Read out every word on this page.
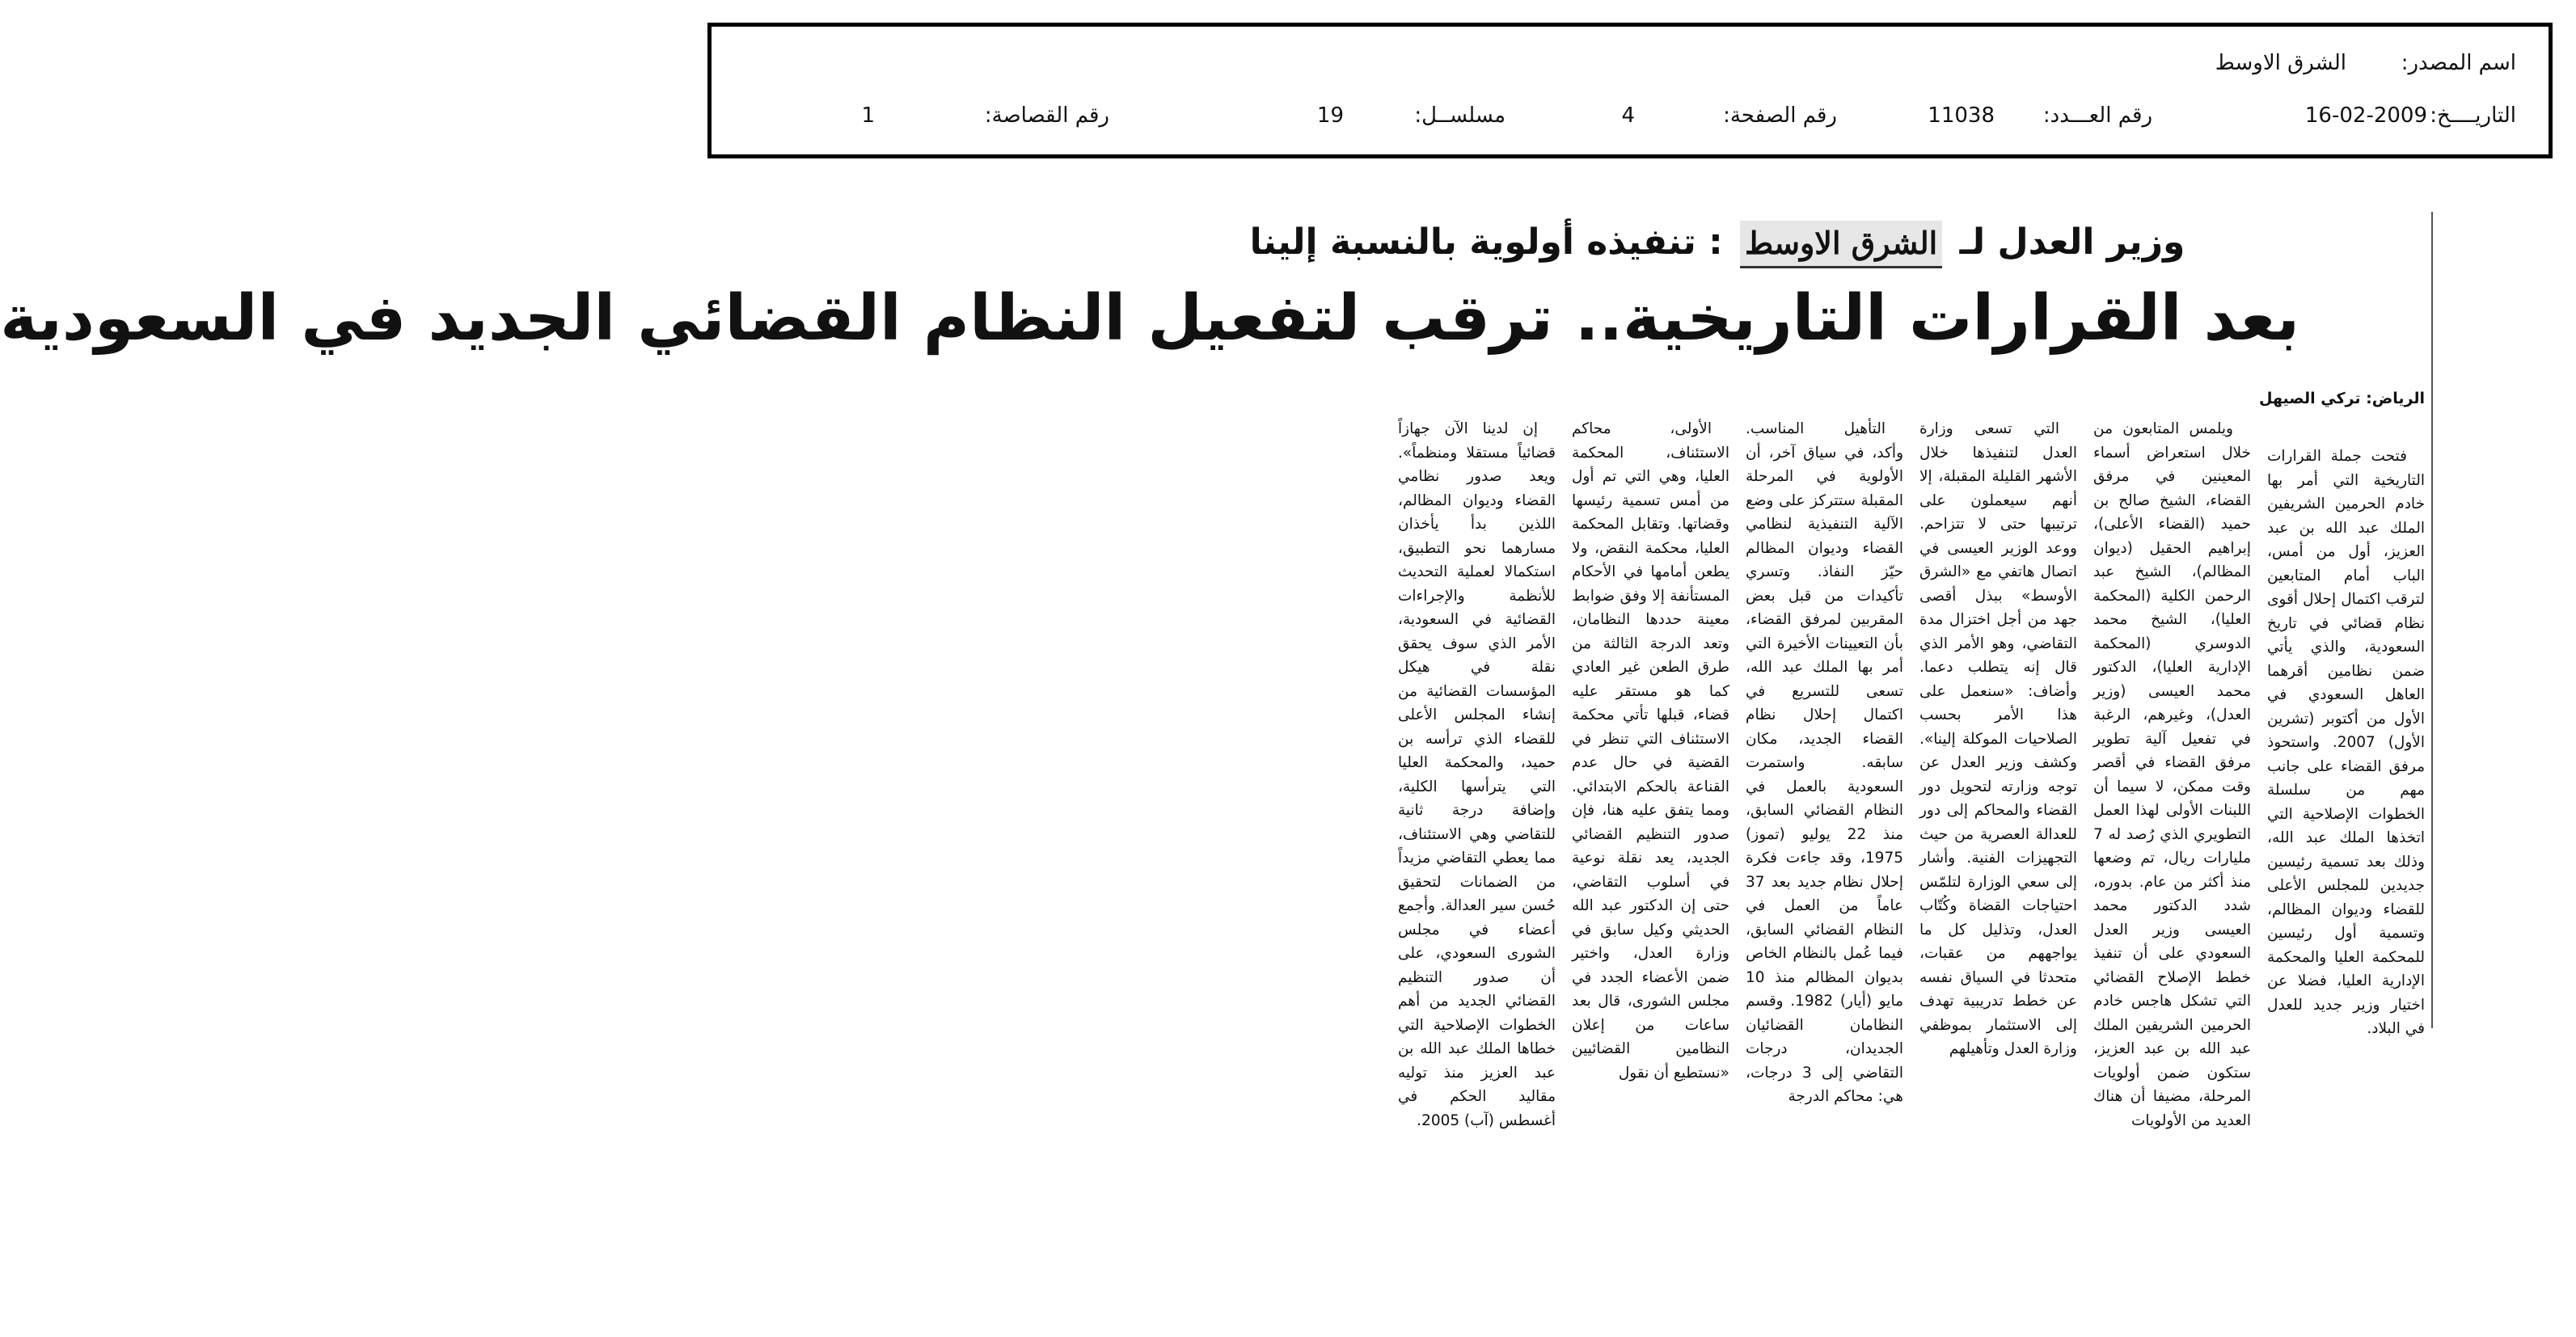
اسم المصدر:
الشرق الاوسط
التاريــــخ:
16-02-2009
رقم العـــدد:
11038
رقم الصفحة:
4
مسلســل:
19
رقم القصاصة:
1
وزير العدل لـ الشرق الاوسط : تنفيذه أولوية بالنسبة إلينا
بعد القرارات التاريخية.. ترقب لتفعيل النظام القضائي الجديد في السعودية
الرياض: تركي الصيهل

فتحت جملة القرارات التاريخية التي أمر بها خادم الحرمين الشريفين الملك عبد الله بن عبد العزيز، أول من أمس، الباب أمام المتابعين لترقب اكتمال إحلال أقوى نظام قضائي في تاريخ السعودية، والذي يأتي ضمن نظامين أقرهما العاهل السعودي في الأول من أكتوبر (تشرين الأول) 2007. واستحوذ مرفق القضاء على جانب مهم من سلسلة الخطوات الإصلاحية التي اتخذها الملك عبد الله، وذلك بعد تسمية رئيسين جديدين للمجلس الأعلى للقضاء وديوان المظالم، وتسمية أول رئيسين للمحكمة العليا والمحكمة الإدارية العليا، فضلا عن اختيار وزير جديد للعدل في البلاد.

ويلمس المتابعون من خلال استعراض أسماء المعينين في مرفق القضاء، الشيخ صالح بن حميد (القضاء الأعلى)، إبراهيم الحقيل (ديوان المظالم)، الشيخ عبد الرحمن الكلية (المحكمة العليا)، الشيخ محمد الدوسري (المحكمة الإدارية العليا)، الدكتور محمد العيسى (وزير العدل)، وغيرهم، الرغبة في تفعيل آلية تطوير مرفق القضاء في أقصر وقت ممكن، لا سيما أن اللبنات الأولى لهذا العمل التطويري الذي رُصد له 7 مليارات ريال، تم وضعها منذ أكثر من عام. بدوره، شدد الدكتور محمد العيسى وزير العدل السعودي على أن تنفيذ خطط الإصلاح القضائي التي تشكل هاجس خادم الحرمين الشريفين الملك عبد الله بن عبد العزيز، ستكون ضمن أولويات المرحلة، مضيفا أن هناك العديد من الأولويات

التي تسعى وزارة العدل لتنفيذها خلال الأشهر القليلة المقبلة، إلا أنهم سيعملون على ترتيبها حتى لا تتزاحم. ووعد الوزير العيسى في اتصال هاتفي مع «الشرق الأوسط» ببذل أقصى جهد من أجل اختزال مدة التقاضي، وهو الأمر الذي قال إنه يتطلب دعما. وأضاف: «سنعمل على هذا الأمر بحسب الصلاحيات الموكلة إلينا». وكشف وزير العدل عن توجه وزارته لتحويل دور القضاء والمحاكم إلى دور للعدالة العصرية من حيث التجهيزات الفنية. وأشار إلى سعي الوزارة لتلمّس احتياجات القضاة وكُتّاب العدل، وتذليل كل ما يواجههم من عقبات، متحدثا في السياق نفسه عن خطط تدريبية تهدف إلى الاستثمار بموظفي وزارة العدل وتأهيلهم

التأهيل المناسب. وأكد، في سياق آخر، أن الأولوية في المرحلة المقبلة ستتركز على وضع الآلية التنفيذية لنظامي القضاء وديوان المظالم حيّز النفاذ. وتسري تأكيدات من قبل بعض المقربين لمرفق القضاء، بأن التعيينات الأخيرة التي أمر بها الملك عبد الله، تسعى للتسريع في اكتمال إحلال نظام القضاء الجديد، مكان سابقه. واستمرت السعودية بالعمل في النظام القضائي السابق، منذ 22 يوليو (تموز) 1975، وقد جاءت فكرة إحلال نظام جديد بعد 37 عاماً من العمل في النظام القضائي السابق، فيما عُمل بالنظام الخاص بديوان المظالم منذ 10 مايو (أيار) 1982. وقسم النظامان القضائيان الجديدان، درجات التقاضي إلى 3 درجات، هي: محاكم الدرجة

الأولى، محاكم الاستئناف، المحكمة العليا، وهي التي تم أول من أمس تسمية رئيسها وقضاتها. وتقابل المحكمة العليا، محكمة النقض، ولا يطعن أمامها في الأحكام المستأنفة إلا وفق ضوابط معينة حددها النظامان، وتعد الدرجة الثالثة من طرق الطعن غير العادي كما هو مستقر عليه قضاء، قبلها تأتي محكمة الاستئناف التي تنظر في القضية في حال عدم القناعة بالحكم الابتدائي. ومما يتفق عليه هنا، فإن صدور التنظيم القضائي الجديد، يعد نقلة نوعية في أسلوب التقاضي، حتى إن الدكتور عبد الله الحديثي وكيل سابق في وزارة العدل، واختير ضمن الأعضاء الجدد في مجلس الشورى، قال بعد ساعات من إعلان النظامين القضائيين «نستطيع أن نقول

إن لدينا الآن جهازاً قضائياً مستقلا ومنظماً». ويعد صدور نظامي القضاء وديوان المظالم، اللذين بدأ يأخذان مسارهما نحو التطبيق، استكمالا لعملية التحديث للأنظمة والإجراءات القضائية في السعودية، الأمر الذي سوف يحقق نقلة في هيكل المؤسسات القضائية من إنشاء المجلس الأعلى للقضاء الذي ترأسه بن حميد، والمحكمة العليا التي يترأسها الكلية، وإضافة درجة ثانية للتقاضي وهي الاستئناف، مما يعطي التقاضي مزيداً من الضمانات لتحقيق حُسن سير العدالة. وأجمع أعضاء في مجلس الشورى السعودي، على أن صدور التنظيم القضائي الجديد من أهم الخطوات الإصلاحية التي خطاها الملك عبد الله بن عبد العزيز منذ توليه مقاليد الحكم في أغسطس (آب) 2005.
